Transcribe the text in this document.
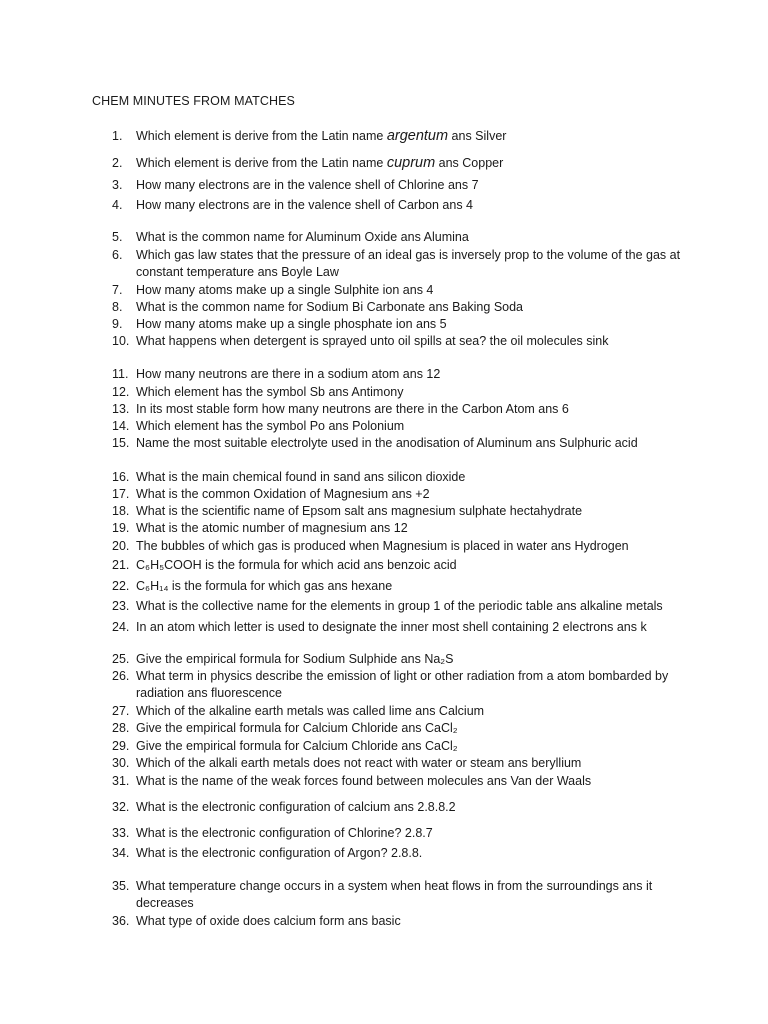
CHEM MINUTES FROM MATCHES
1.	Which element is derive from the Latin name argentum ans Silver
2.	Which element is derive from the Latin name cuprum ans Copper
3.	How many electrons are in the valence shell of Chlorine ans 7
4.	How many electrons are in the valence shell of Carbon ans 4
5.	What is the common name for Aluminum Oxide ans Alumina
6.	Which gas law states that the pressure of an ideal gas is inversely prop to the volume of the gas at constant temperature ans Boyle Law
7.	How many atoms make up a single Sulphite ion ans 4
8.	What is the common name for Sodium Bi Carbonate ans Baking Soda
9.	How many atoms make up a single phosphate ion ans 5
10. What happens when detergent is sprayed unto oil spills at sea? the oil molecules sink
11. How many neutrons are there in a sodium atom ans 12
12. Which element has the symbol Sb ans Antimony
13. In its most stable form how many neutrons are there in the Carbon Atom ans 6
14. Which element has the symbol Po ans Polonium
15. Name the most suitable electrolyte used in the anodisation of Aluminum ans Sulphuric acid
16. What is the main chemical found in sand ans silicon dioxide
17. What is the common Oxidation of Magnesium ans +2
18. What is the scientific name of Epsom salt ans magnesium sulphate hectahydrate
19. What is the atomic number of magnesium ans 12
20. The bubbles of which gas is produced when Magnesium is placed in water ans Hydrogen
21. C₆H₅COOH is the formula for which acid ans benzoic acid
22. C₆H₁₄ is the formula for which gas ans hexane
23. What is the collective name for the elements in group 1 of the periodic table ans alkaline metals
24. In an atom which letter is used to designate the inner most shell containing 2 electrons ans k
25. Give the empirical formula for Sodium Sulphide ans Na₂S
26. What term in physics describe the emission of light or other radiation from a atom bombarded by radiation ans fluorescence
27. Which of the alkaline earth metals was called lime ans Calcium
28. Give the empirical formula for Calcium Chloride ans CaCl₂
29. Give the empirical formula for Calcium Chloride ans CaCl₂
30. Which of the alkali earth metals does not react with water or steam ans beryllium
31. What is the name of the weak forces found between molecules ans Van der Waals
32. What is the electronic configuration of calcium ans 2.8.8.2
33. What is the electronic configuration of Chlorine? 2.8.7
34. What is the electronic configuration of Argon? 2.8.8.
35. What temperature change occurs in a system when heat flows in from the surroundings ans it decreases
36. What type of oxide does calcium form ans basic
